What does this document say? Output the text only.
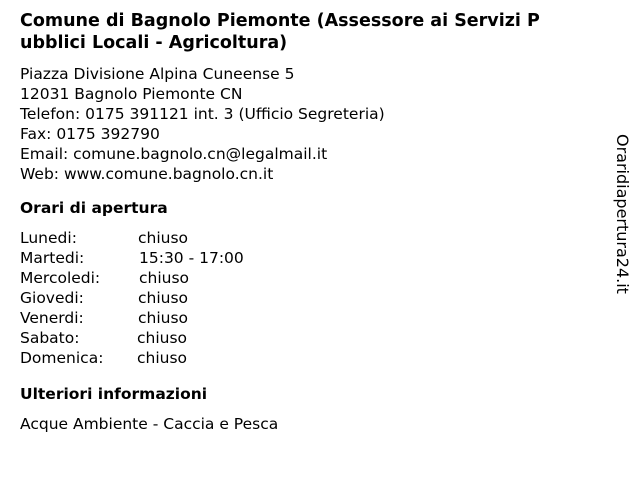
Comune di Bagnolo Piemonte (Assessore ai Servizi P
ubblici Locali - Agricoltura)
Piazza Divisione Alpina Cuneense 5
12031 Bagnolo Piemonte CN
Telefon: 0175 391121 int. 3 (Ufficio Segreteria)
Fax: 0175 392790
Email: comune.bagnolo.cn@legalmail.it
Web: www.comune.bagnolo.cn.it
Orari di apertura
Lunedi:	chiuso
Martedi:	15:30 - 17:00
Mercoledi:	chiuso
Giovedi:	chiuso
Venerdi:	chiuso
Sabato:	chiuso
Domenica: chiuso
Ulteriori informazioni
Acque Ambiente - Caccia e Pesca
Oraridiapertura24.it
